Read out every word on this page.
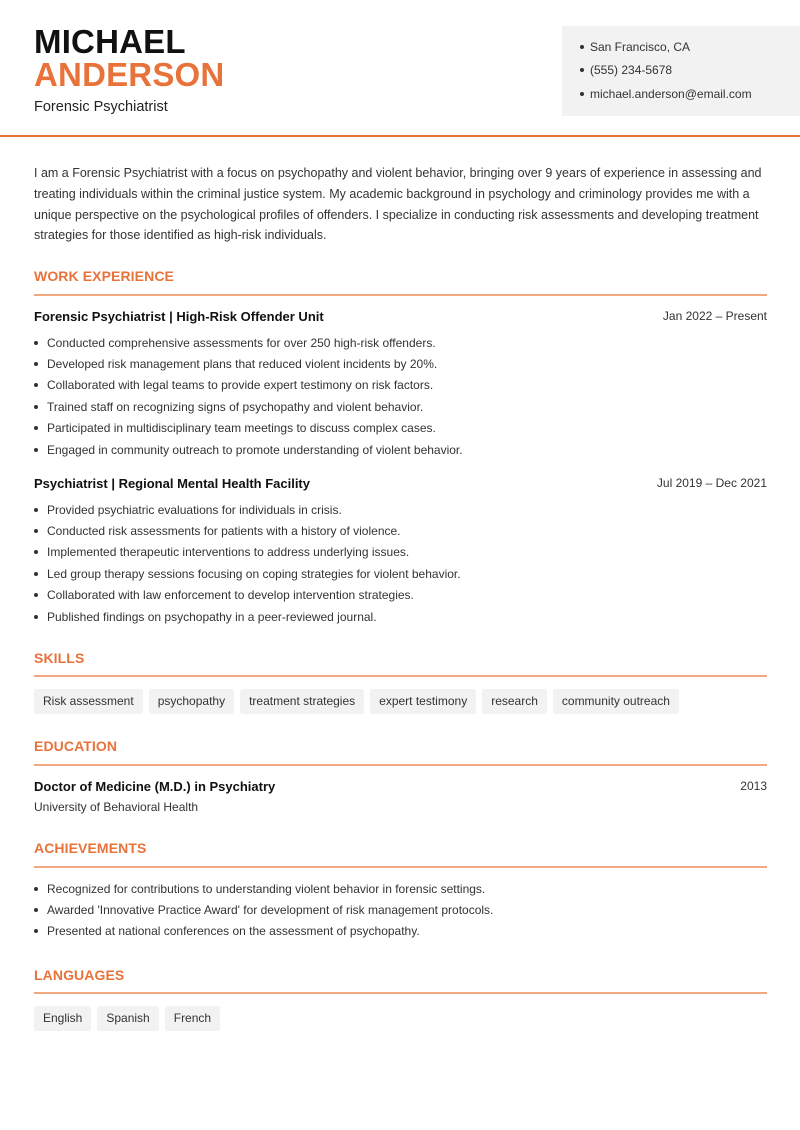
MICHAEL
ANDERSON
Forensic Psychiatrist
San Francisco, CA
(555) 234-5678
michael.anderson@email.com

I am a Forensic Psychiatrist with a focus on psychopathy and violent behavior, bringing over 9 years of experience in assessing and treating individuals within the criminal justice system. My academic background in psychology and criminology provides me with a unique perspective on the psychological profiles of offenders. I specialize in conducting risk assessments and developing treatment strategies for those identified as high-risk individuals.

WORK EXPERIENCE
Forensic Psychiatrist | High-Risk Offender Unit	Jan 2022 – Present
Conducted comprehensive assessments for over 250 high-risk offenders.
Developed risk management plans that reduced violent incidents by 20%.
Collaborated with legal teams to provide expert testimony on risk factors.
Trained staff on recognizing signs of psychopathy and violent behavior.
Participated in multidisciplinary team meetings to discuss complex cases.
Engaged in community outreach to promote understanding of violent behavior.
Psychiatrist | Regional Mental Health Facility	Jul 2019 – Dec 2021
Provided psychiatric evaluations for individuals in crisis.
Conducted risk assessments for patients with a history of violence.
Implemented therapeutic interventions to address underlying issues.
Led group therapy sessions focusing on coping strategies for violent behavior.
Collaborated with law enforcement to develop intervention strategies.
Published findings on psychopathy in a peer-reviewed journal.
SKILLS
Risk assessment	psychopathy	treatment strategies	expert testimony	research	community outreach
EDUCATION
Doctor of Medicine (M.D.) in Psychiatry	2013
University of Behavioral Health
ACHIEVEMENTS
Recognized for contributions to understanding violent behavior in forensic settings.
Awarded 'Innovative Practice Award' for development of risk management protocols.
Presented at national conferences on the assessment of psychopathy.
LANGUAGES
English	Spanish	French
